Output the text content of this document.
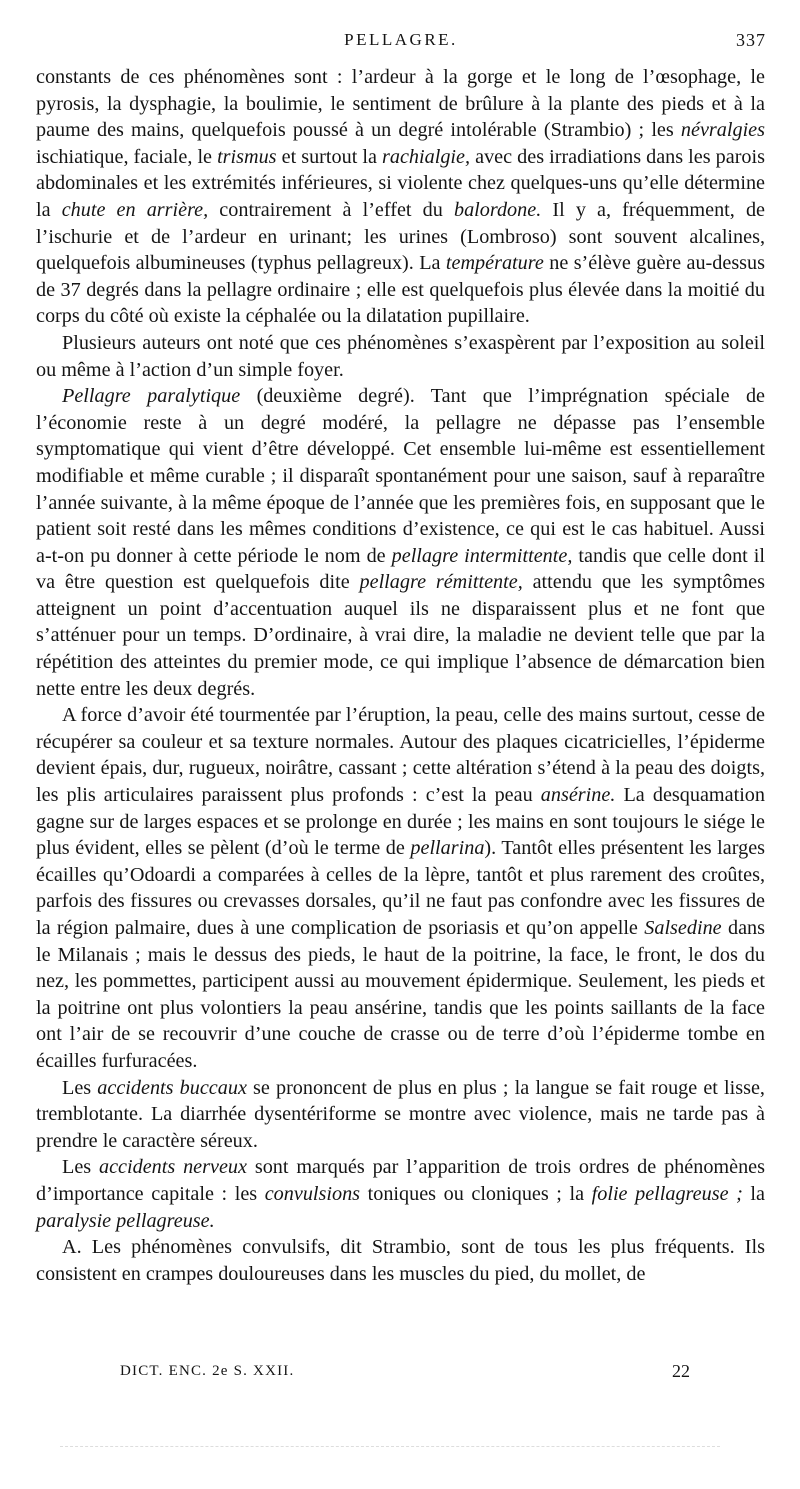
PELLAGRE.	337

constants de ces phénomènes sont : l’ardeur à la gorge et le long de l’œsophage, le pyrosis, la dysphagie, la boulimie, le sentiment de brûlure à la plante des pieds et à la paume des mains, quelquefois poussé à un degré intolérable (Strambio) ; les névralgies ischiatique, faciale, le trismus et surtout la rachialgie, avec des irradiations dans les parois abdominales et les extrémités inférieures, si violente chez quelques-uns qu’elle détermine la chute en arrière, contrairement à l’effet du balordone. Il y a, fréquemment, de l’ischurie et de l’ardeur en urinant; les urines (Lombroso) sont souvent alcalines, quelquefois albumineuses (typhus pellagreux). La température ne s’élève guère au-dessus de 37 degrés dans la pellagre ordinaire ; elle est quelquefois plus élevée dans la moitié du corps du côté où existe la céphalée ou la dilatation pupillaire.

Plusieurs auteurs ont noté que ces phénomènes s’exaspèrent par l’exposition au soleil ou même à l’action d’un simple foyer.

Pellagre paralytique (deuxième degré). Tant que l’imprégnation spéciale de l’économie reste à un degré modéré, la pellagre ne dépasse pas l’ensemble symptomatique qui vient d’être développé. Cet ensemble lui-même est essentiellement modifiable et même curable ; il disparaît spontanément pour une saison, sauf à reparaître l’année suivante, à la même époque de l’année que les premières fois, en supposant que le patient soit resté dans les mêmes conditions d’existence, ce qui est le cas habituel. Aussi a-t-on pu donner à cette période le nom de pellagre intermittente, tandis que celle dont il va être question est quelquefois dite pellagre rémittente, attendu que les symptômes atteignent un point d’accentuation auquel ils ne disparaissent plus et ne font que s’atténuer pour un temps. D’ordinaire, à vrai dire, la maladie ne devient telle que par la répétition des atteintes du premier mode, ce qui implique l’absence de démarcation bien nette entre les deux degrés.

A force d’avoir été tourmentée par l’éruption, la peau, celle des mains surtout, cesse de récupérer sa couleur et sa texture normales. Autour des plaques cicatricielles, l’épiderme devient épais, dur, rugueux, noirâtre, cassant ; cette altération s’étend à la peau des doigts, les plis articulaires paraissent plus profonds : c’est la peau ansérine. La desquamation gagne sur de larges espaces et se prolonge en durée ; les mains en sont toujours le siége le plus évident, elles se pèlent (d’où le terme de pellarina). Tantôt elles présentent les larges écailles qu’Odoardi a comparées à celles de la lèpre, tantôt et plus rarement des croûtes, parfois des fissures ou crevasses dorsales, qu’il ne faut pas confondre avec les fissures de la région palmaire, dues à une complication de psoriasis et qu’on appelle Salsedine dans le Milanais ; mais le dessus des pieds, le haut de la poitrine, la face, le front, le dos du nez, les pommettes, participent aussi au mouvement épidermique. Seulement, les pieds et la poitrine ont plus volontiers la peau ansérine, tandis que les points saillants de la face ont l’air de se recouvrir d’une couche de crasse ou de terre d’où l’épiderme tombe en écailles furfuracées.

Les accidents buccaux se prononcent de plus en plus ; la langue se fait rouge et lisse, tremblotante. La diarrhée dysentériforme se montre avec violence, mais ne tarde pas à prendre le caractère séreux.

Les accidents nerveux sont marqués par l’apparition de trois ordres de phénomènes d’importance capitale : les convulsions toniques ou cloniques ; la folie pellagreuse ; la paralysie pellagreuse.

A. Les phénomènes convulsifs, dit Strambio, sont de tous les plus fréquents. Ils consistent en crampes douloureuses dans les muscles du pied, du mollet, de

DICT. ENC. 2e S. XXII.	22
